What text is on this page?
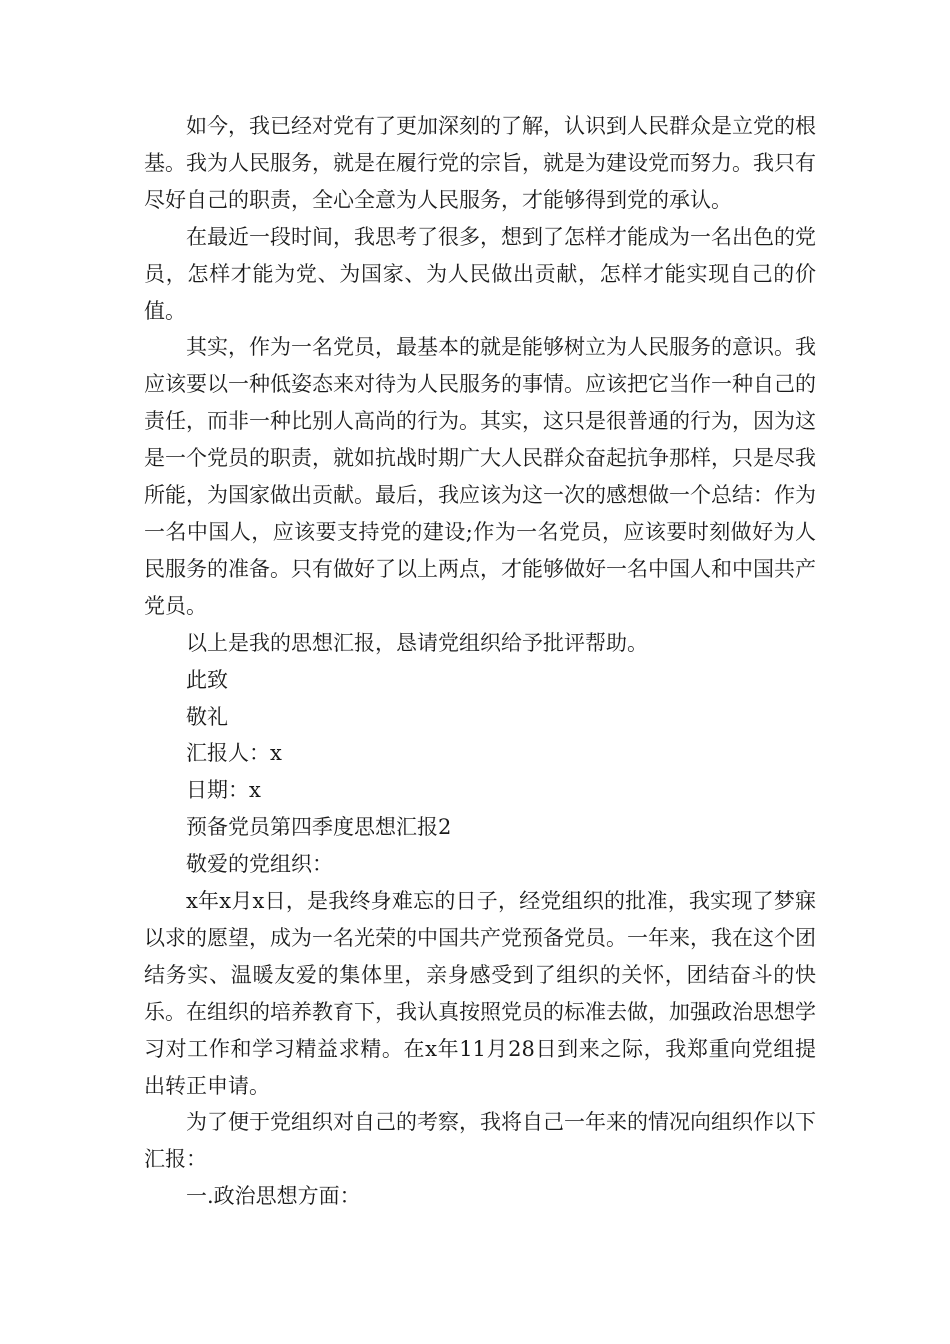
如今，我已经对党有了更加深刻的了解，认识到人民群众是立党的根基。我为人民服务，就是在履行党的宗旨，就是为建设党而努力。我只有尽好自己的职责，全心全意为人民服务，才能够得到党的承认。

在最近一段时间，我思考了很多，想到了怎样才能成为一名出色的党员，怎样才能为党、为国家、为人民做出贡献，怎样才能实现自己的价值。

其实，作为一名党员，最基本的就是能够树立为人民服务的意识。我应该要以一种低姿态来对待为人民服务的事情。应该把它当作一种自己的责任，而非一种比别人高尚的行为。其实，这只是很普通的行为，因为这是一个党员的职责，就如抗战时期广大人民群众奋起抗争那样，只是尽我所能，为国家做出贡献。最后，我应该为这一次的感想做一个总结：作为一名中国人，应该要支持党的建设;作为一名党员，应该要时刻做好为人民服务的准备。只有做好了以上两点，才能够做好一名中国人和中国共产党员。

以上是我的思想汇报，恳请党组织给予批评帮助。

此致

敬礼

汇报人：x

日期：x

预备党员第四季度思想汇报2

敬爱的党组织：

x年x月x日，是我终身难忘的日子，经党组织的批准，我实现了梦寐以求的愿望，成为一名光荣的中国共产党预备党员。一年来，我在这个团结务实、温暖友爱的集体里，亲身感受到了组织的关怀，团结奋斗的快乐。在组织的培养教育下，我认真按照党员的标准去做，加强政治思想学习对工作和学习精益求精。在x年11月28日到来之际，我郑重向党组提出转正申请。

为了便于党组织对自己的考察，我将自己一年来的情况向组织作以下汇报：

一.政治思想方面：
